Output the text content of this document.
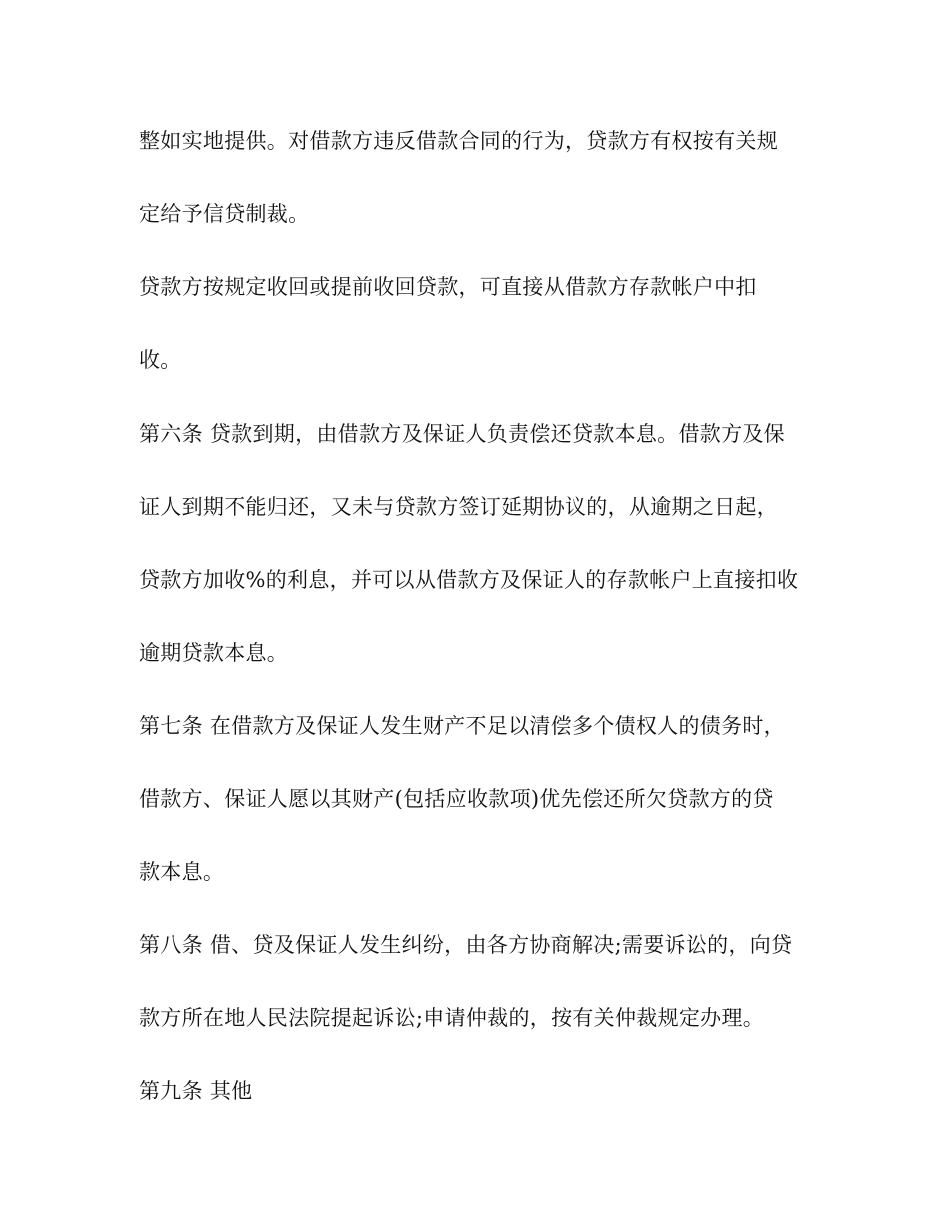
整如实地提供。对借款方违反借款合同的行为，贷款方有权按有关规
定给予信贷制裁。
贷款方按规定收回或提前收回贷款，可直接从借款方存款帐户中扣
收。
第六条 贷款到期，由借款方及保证人负责偿还贷款本息。借款方及保
证人到期不能归还，又未与贷款方签订延期协议的，从逾期之日起，
贷款方加收%的利息，并可以从借款方及保证人的存款帐户上直接扣收
逾期贷款本息。
第七条 在借款方及保证人发生财产不足以清偿多个债权人的债务时，
借款方、保证人愿以其财产(包括应收款项)优先偿还所欠贷款方的贷
款本息。
第八条 借、贷及保证人发生纠纷，由各方协商解决;需要诉讼的，向贷
款方所在地人民法院提起诉讼;申请仲裁的，按有关仲裁规定办理。
第九条 其他
